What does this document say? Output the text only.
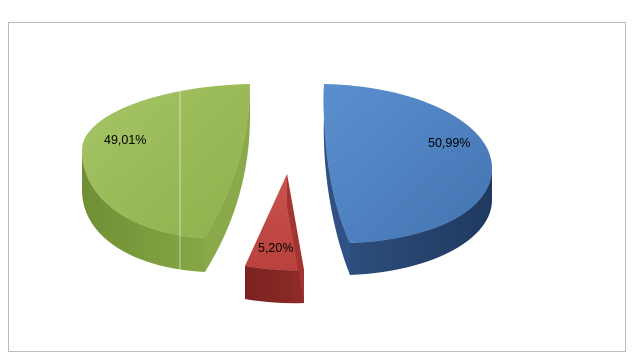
50,99%
5,20%
49,01%
